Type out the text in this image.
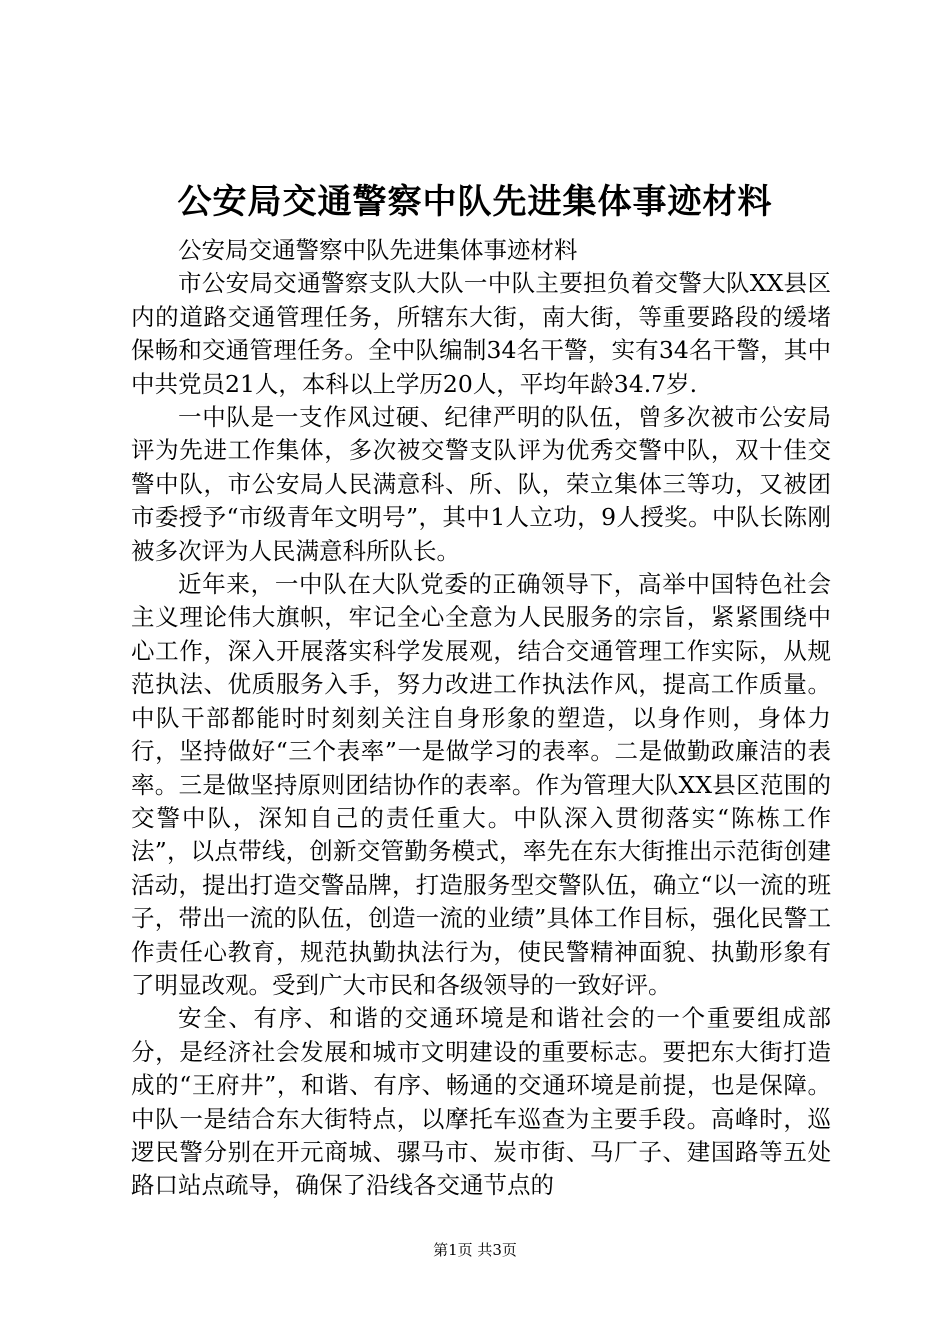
公安局交通警察中队先进集体事迹材料

公安局交通警察中队先进集体事迹材料

市公安局交通警察支队大队一中队主要担负着交警大队XX县区内的道路交通管理任务，所辖东大街，南大街，等重要路段的缓堵保畅和交通管理任务。全中队编制34名干警，实有34名干警，其中中共党员21人，本科以上学历20人，平均年龄34.7岁.

一中队是一支作风过硬、纪律严明的队伍，曾多次被市公安局评为先进工作集体，多次被交警支队评为优秀交警中队，双十佳交警中队，市公安局人民满意科、所、队，荣立集体三等功，又被团市委授予“市级青年文明号”，其中1人立功，9人授奖。中队长陈刚被多次评为人民满意科所队长。

近年来，一中队在大队党委的正确领导下，高举中国特色社会主义理论伟大旗帜，牢记全心全意为人民服务的宗旨，紧紧围绕中心工作，深入开展落实科学发展观，结合交通管理工作实际，从规范执法、优质服务入手，努力改进工作执法作风，提高工作质量。中队干部都能时时刻刻关注自身形象的塑造，以身作则，身体力行，坚持做好“三个表率”一是做学习的表率。二是做勤政廉洁的表率。三是做坚持原则团结协作的表率。作为管理大队XX县区范围的交警中队，深知自己的责任重大。中队深入贯彻落实“陈栋工作法”，以点带线，创新交管勤务模式，率先在东大街推出示范街创建活动，提出打造交警品牌，打造服务型交警队伍，确立“以一流的班子，带出一流的队伍，创造一流的业绩”具体工作目标，强化民警工作责任心教育，规范执勤执法行为，使民警精神面貌、执勤形象有了明显改观。受到广大市民和各级领导的一致好评。

安全、有序、和谐的交通环境是和谐社会的一个重要组成部分，是经济社会发展和城市文明建设的重要标志。要把东大街打造成的“王府井”，和谐、有序、畅通的交通环境是前提，也是保障。中队一是结合东大街特点，以摩托车巡查为主要手段。高峰时，巡逻民警分别在开元商城、骡马市、炭市街、马厂子、建国路等五处路口站点疏导，确保了沿线各交通节点的

第1页 共3页
